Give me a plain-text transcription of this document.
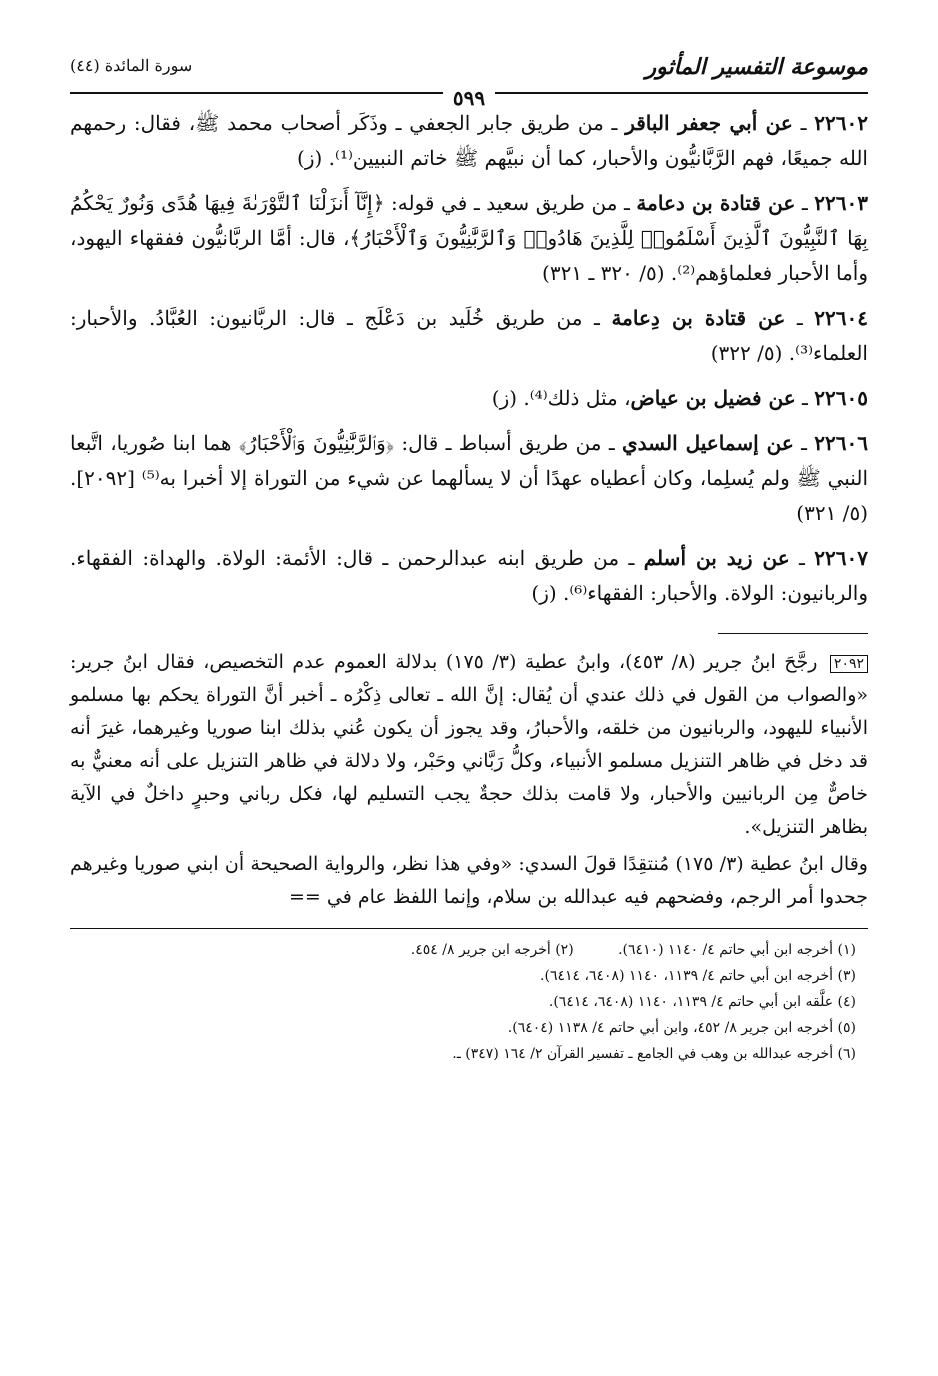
موسوعة التفسير المأثور
سورة المائدة (٤٤)
٥٩٩
٢٢٦٠٢ ـ عن أبي جعفر الباقر ـ من طريق جابر الجعفي ـ وذَكَر أصحاب محمد ﷺ، فقال: رحمهم الله جميعًا، فهم الرَّبَّانيُّون والأحبار، كما أن نبيَّهم ﷺ خاتم النبيين⁽¹⁾. (ز)
٢٢٦٠٣ ـ عن قتادة بن دعامة ـ من طريق سعيد ـ في قوله: ﴿إِنَّآ أَنزَلْنَا ٱلتَّوْرَىٰةَ فِيهَا هُدًى وَنُورٌ يَحْكُمُ بِهَا ٱلنَّبِيُّونَ ٱلَّذِينَ أَسْلَمُوا۟ لِلَّذِينَ هَادُوا۟ وَٱلرَّبَّٰنِيُّونَ وَٱلْأَحْبَارُ﴾، قال: أمَّا الربَّانيُّون ففقهاء اليهود، وأما الأحبار فعلماؤهم⁽²⁾. (٥/ ٣٢٠ ـ ٣٢١)
٢٢٦٠٤ ـ عن قتادة بن دِعامة ـ من طريق خُلَيد بن دَعْلَج ـ قال: الربَّانيون: العُبَّادُ. والأحبار: العلماء⁽³⁾. (٥/ ٣٢٢)
٢٢٦٠٥ ـ عن فضيل بن عياض، مثل ذلك⁽⁴⁾. (ز)
٢٢٦٠٦ ـ عن إسماعيل السدي ـ من طريق أسباط ـ قال: ﴿وَٱلرَّبَّٰنِيُّونَ وَٱلْأَحْبَارُ﴾ هما ابنا صُوريا، اتَّبعا النبي ﷺ ولم يُسلِما، وكان أعطياه عهدًا أن لا يسألهما عن شيء من التوراة إلا أخبرا به⁽⁵⁾ [٢٠٩٢]. (٥/ ٣٢١)
٢٢٦٠٧ ـ عن زيد بن أسلم ـ من طريق ابنه عبدالرحمن ـ قال: الأئمة: الولاة. والهداة: الفقهاء. والربانيون: الولاة. والأحبار: الفقهاء⁽⁶⁾. (ز)

٢٠٩٢ رجَّحَ ابنُ جرير (٨/ ٤٥٣)، وابنُ عطية (٣/ ١٧٥) بدلالة العموم عدم التخصيص، فقال ابنُ جرير: «والصواب من القول في ذلك عندي أن يُقال: إنَّ الله ـ تعالى ذِكْرُه ـ أخبر أنَّ التوراة يحكم بها مسلمو الأنبياء لليهود، والربانيون من خلقه، والأحبارُ، وقد يجوز أن يكون عُني بذلك ابنا صوريا وغيرهما، غيرَ أنه قد دخل في ظاهر التنزيل مسلمو الأنبياء، وكلُّ رَبَّاني وحَبْر، ولا دلالة في ظاهر التنزيل على أنه معنيٌّ به خاصٌّ مِن الربانيين والأحبار، ولا قامت بذلك حجةٌ يجب التسليم لها، فكل رباني وحبرٍ داخلٌ في الآية بظاهر التنزيل».

وقال ابنُ عطية (٣/ ١٧٥) مُنتقِدًا قولَ السدي: «وفي هذا نظر، والرواية الصحيحة أن ابني صوريا وغيرهم جحدوا أمر الرجم، وفضحهم فيه عبدالله بن سلام، وإنما اللفظ عام في ==

(١) أخرجه ابن أبي حاتم ٤/ ١١٤٠ (٦٤١٠). (٢) أخرجه ابن جرير ٨/ ٤٥٤.
(٣) أخرجه ابن أبي حاتم ٤/ ١١٣٩، ١١٤٠ (٦٤٠٨، ٦٤١٤).
(٤) علَّقه ابن أبي حاتم ٤/ ١١٣٩، ١١٤٠ (٦٤٠٨، ٦٤١٤).
(٥) أخرجه ابن جرير ٨/ ٤٥٢، وابن أبي حاتم ٤/ ١١٣٨ (٦٤٠٤).
(٦) أخرجه عبدالله بن وهب في الجامع ـ تفسير القرآن ٢/ ١٦٤ (٣٤٧) ـ.
